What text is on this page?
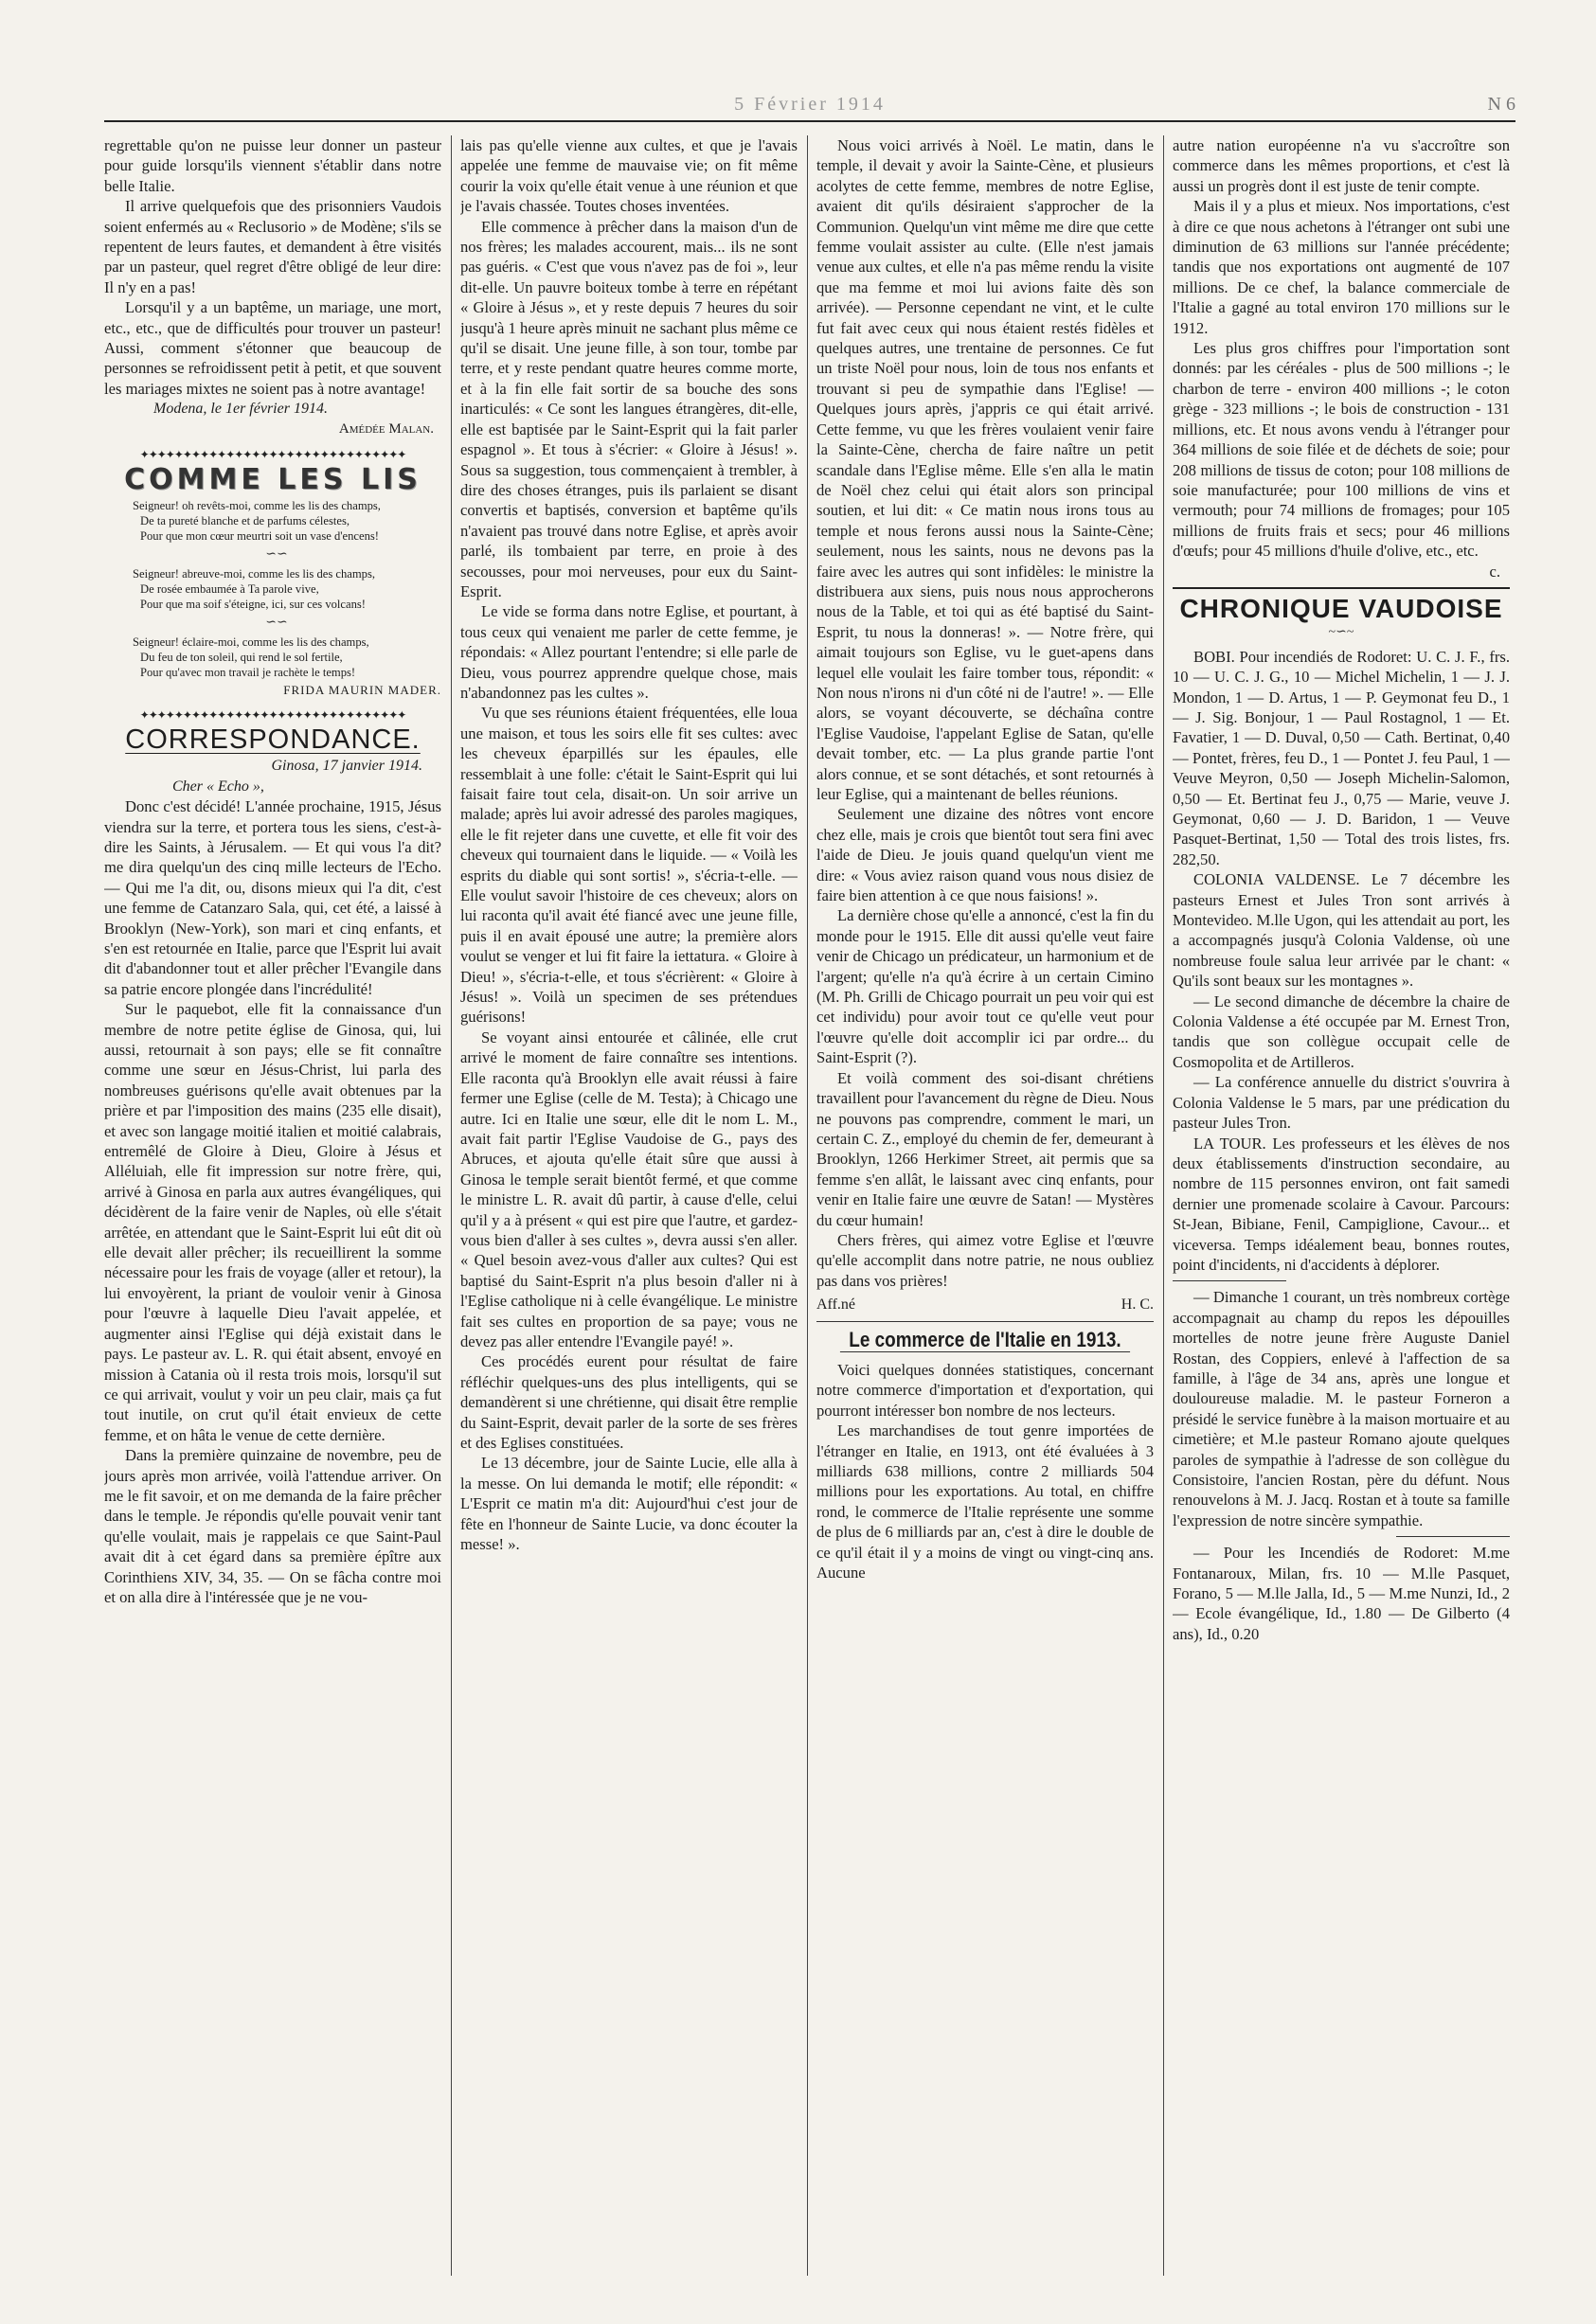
5 Février 1914	N 6

regrettable qu'on ne puisse leur donner un pasteur pour guide lorsqu'ils viennent s'établir dans notre belle Italie.

Il arrive quelquefois que des prisonniers Vaudois soient enfermés au « Reclusorio » de Modène; s'ils se repentent de leurs fautes, et demandent à être visités par un pasteur, quel regret d'être obligé de leur dire: Il n'y en a pas!

Lorsqu'il y a un baptême, un mariage, une mort, etc., etc., que de difficultés pour trouver un pasteur! Aussi, comment s'étonner que beaucoup de personnes se refroidissent petit à petit, et que souvent les mariages mixtes ne soient pas à notre avantage!

Modena, le 1er février 1914.

Amédée Malan.

✦✦✦✦✦✦✦✦✦✦✦✦✦✦✦✦✦✦✦✦✦✦✦✦✦✦✦✦✦✦✦
COMME LES LIS

Seigneur! oh revêts-moi, comme les lis des champs,

De ta pureté blanche et de parfums célestes,

Pour que mon cœur meurtri soit un vase d'encens!

∽∽

Seigneur! abreuve-moi, comme les lis des champs,

De rosée embaumée à Ta parole vive,

Pour que ma soif s'éteigne, ici, sur ces volcans!

∽∽

Seigneur! éclaire-moi, comme les lis des champs,

Du feu de ton soleil, qui rend le sol fertile,

Pour qu'avec mon travail je rachète le temps!

FRIDA MAURIN MADER.

✦✦✦✦✦✦✦✦✦✦✦✦✦✦✦✦✦✦✦✦✦✦✦✦✦✦✦✦✦✦✦
CORRESPONDANCE.

Ginosa, 17 janvier 1914.

Cher « Echo »,

Donc c'est décidé! L'année prochaine, 1915, Jésus viendra sur la terre, et portera tous les siens, c'est-à-dire les Saints, à Jérusalem. — Et qui vous l'a dit? me dira quelqu'un des cinq mille lecteurs de l'Echo. — Qui me l'a dit, ou, disons mieux qui l'a dit, c'est une femme de Catanzaro Sala, qui, cet été, a laissé à Brooklyn (New-York), son mari et cinq enfants, et s'en est retournée en Italie, parce que l'Esprit lui avait dit d'abandonner tout et aller prêcher l'Evangile dans sa patrie encore plongée dans l'incrédulité!

Sur le paquebot, elle fit la connaissance d'un membre de notre petite église de Ginosa, qui, lui aussi, retournait à son pays; elle se fit connaître comme une sœur en Jésus-Christ, lui parla des nombreuses guérisons qu'elle avait obtenues par la prière et par l'imposition des mains (235 elle disait), et avec son langage moitié italien et moitié calabrais, entremêlé de Gloire à Dieu, Gloire à Jésus et Alléluiah, elle fit impression sur notre frère, qui, arrivé à Ginosa en parla aux autres évangéliques, qui décidèrent de la faire venir de Naples, où elle s'était arrêtée, en attendant que le Saint-Esprit lui eût dit où elle devait aller prêcher; ils recueillirent la somme nécessaire pour les frais de voyage (aller et retour), la lui envoyèrent, la priant de vouloir venir à Ginosa pour l'œuvre à laquelle Dieu l'avait appelée, et augmenter ainsi l'Eglise qui déjà existait dans le pays. Le pasteur av. L. R. qui était absent, envoyé en mission à Catania où il resta trois mois, lorsqu'il sut ce qui arrivait, voulut y voir un peu clair, mais ça fut tout inutile, on crut qu'il était envieux de cette femme, et on hâta le venue de cette dernière.

Dans la première quinzaine de novembre, peu de jours après mon arrivée, voilà l'attendue arriver. On me le fit savoir, et on me demanda de la faire prêcher dans le temple. Je répondis qu'elle pouvait venir tant qu'elle voulait, mais je rappelais ce que Saint-Paul avait dit à cet égard dans sa première épître aux Corinthiens XIV, 34, 35. — On se fâcha contre moi et on alla dire à l'intéressée que je ne vou-

lais pas qu'elle vienne aux cultes, et que je l'avais appelée une femme de mauvaise vie; on fit même courir la voix qu'elle était venue à une réunion et que je l'avais chassée. Toutes choses inventées.

Elle commence à prêcher dans la maison d'un de nos frères; les malades accourent, mais... ils ne sont pas guéris. « C'est que vous n'avez pas de foi », leur dit-elle. Un pauvre boiteux tombe à terre en répétant « Gloire à Jésus », et y reste depuis 7 heures du soir jusqu'à 1 heure après minuit ne sachant plus même ce qu'il se disait. Une jeune fille, à son tour, tombe par terre, et y reste pendant quatre heures comme morte, et à la fin elle fait sortir de sa bouche des sons inarticulés: « Ce sont les langues étrangères, dit-elle, elle est baptisée par le Saint-Esprit qui la fait parler espagnol ». Et tous à s'écrier: « Gloire à Jésus! ». Sous sa suggestion, tous commençaient à trembler, à dire des choses étranges, puis ils parlaient se disant convertis et baptisés, conversion et baptême qu'ils n'avaient pas trouvé dans notre Eglise, et après avoir parlé, ils tombaient par terre, en proie à des secousses, pour moi nerveuses, pour eux du Saint-Esprit.

Le vide se forma dans notre Eglise, et pourtant, à tous ceux qui venaient me parler de cette femme, je répondais: « Allez pourtant l'entendre; si elle parle de Dieu, vous pourrez apprendre quelque chose, mais n'abandonnez pas les cultes ».

Vu que ses réunions étaient fréquentées, elle loua une maison, et tous les soirs elle fit ses cultes: avec les cheveux éparpillés sur les épaules, elle ressemblait à une folle: c'était le Saint-Esprit qui lui faisait faire tout cela, disait-on. Un soir arrive un malade; après lui avoir adressé des paroles magiques, elle le fit rejeter dans une cuvette, et elle fit voir des cheveux qui tournaient dans le liquide. — « Voilà les esprits du diable qui sont sortis! », s'écria-t-elle. — Elle voulut savoir l'histoire de ces cheveux; alors on lui raconta qu'il avait été fiancé avec une jeune fille, puis il en avait épousé une autre; la première alors voulut se venger et lui fit faire la iettatura. « Gloire à Dieu! », s'écria-t-elle, et tous s'écrièrent: « Gloire à Jésus! ». Voilà un specimen de ses prétendues guérisons!

Se voyant ainsi entourée et câlinée, elle crut arrivé le moment de faire connaître ses intentions. Elle raconta qu'à Brooklyn elle avait réussi à faire fermer une Eglise (celle de M. Testa); à Chicago une autre. Ici en Italie une sœur, elle dit le nom L. M., avait fait partir l'Eglise Vaudoise de G., pays des Abruces, et ajouta qu'elle était sûre que aussi à Ginosa le temple serait bientôt fermé, et que comme le ministre L. R. avait dû partir, à cause d'elle, celui qu'il y a à présent « qui est pire que l'autre, et gardez-vous bien d'aller à ses cultes », devra aussi s'en aller. « Quel besoin avez-vous d'aller aux cultes? Qui est baptisé du Saint-Esprit n'a plus besoin d'aller ni à l'Eglise catholique ni à celle évangélique. Le ministre fait ses cultes en proportion de sa paye; vous ne devez pas aller entendre l'Evangile payé! ».

Ces procédés eurent pour résultat de faire réfléchir quelques-uns des plus intelligents, qui se demandèrent si une chrétienne, qui disait être remplie du Saint-Esprit, devait parler de la sorte de ses frères et des Eglises constituées.

Le 13 décembre, jour de Sainte Lucie, elle alla à la messe. On lui demanda le motif; elle répondit: « L'Esprit ce matin m'a dit: Aujourd'hui c'est jour de fête en l'honneur de Sainte Lucie, va donc écouter la messe! ».

Nous voici arrivés à Noël. Le matin, dans le temple, il devait y avoir la Sainte-Cène, et plusieurs acolytes de cette femme, membres de notre Eglise, avaient dit qu'ils désiraient s'approcher de la Communion. Quelqu'un vint même me dire que cette femme voulait assister au culte. (Elle n'est jamais venue aux cultes, et elle n'a pas même rendu la visite que ma femme et moi lui avions faite dès son arrivée). — Personne cependant ne vint, et le culte fut fait avec ceux qui nous étaient restés fidèles et quelques autres, une trentaine de personnes. Ce fut un triste Noël pour nous, loin de tous nos enfants et trouvant si peu de sympathie dans l'Eglise! — Quelques jours après, j'appris ce qui était arrivé. Cette femme, vu que les frères voulaient venir faire la Sainte-Cène, chercha de faire naître un petit scandale dans l'Eglise même. Elle s'en alla le matin de Noël chez celui qui était alors son principal soutien, et lui dit: « Ce matin nous irons tous au temple et nous ferons aussi nous la Sainte-Cène; seulement, nous les saints, nous ne devons pas la faire avec les autres qui sont infidèles: le ministre la distribuera aux siens, puis nous nous approcherons nous de la Table, et toi qui as été baptisé du Saint-Esprit, tu nous la donneras! ». — Notre frère, qui aimait toujours son Eglise, vu le guet-apens dans lequel elle voulait les faire tomber tous, répondit: « Non nous n'irons ni d'un côté ni de l'autre! ». — Elle alors, se voyant découverte, se déchaîna contre l'Eglise Vaudoise, l'appelant Eglise de Satan, qu'elle devait tomber, etc. — La plus grande partie l'ont alors connue, et se sont détachés, et sont retournés à leur Eglise, qui a maintenant de belles réunions.

Seulement une dizaine des nôtres vont encore chez elle, mais je crois que bientôt tout sera fini avec l'aide de Dieu. Je jouis quand quelqu'un vient me dire: « Vous aviez raison quand vous nous disiez de faire bien attention à ce que nous faisions! ».

La dernière chose qu'elle a annoncé, c'est la fin du monde pour le 1915. Elle dit aussi qu'elle veut faire venir de Chicago un prédicateur, un harmonium et de l'argent; qu'elle n'a qu'à écrire à un certain Cimino (M. Ph. Grilli de Chicago pourrait un peu voir qui est cet individu) pour avoir tout ce qu'elle veut pour l'œuvre qu'elle doit accomplir ici par ordre... du Saint-Esprit (?).

Et voilà comment des soi-disant chrétiens travaillent pour l'avancement du règne de Dieu. Nous ne pouvons pas comprendre, comment le mari, un certain C. Z., employé du chemin de fer, demeurant à Brooklyn, 1266 Herkimer Street, ait permis que sa femme s'en allât, le laissant avec cinq enfants, pour venir en Italie faire une œuvre de Satan! — Mystères du cœur humain!

Chers frères, qui aimez votre Eglise et l'œuvre qu'elle accomplit dans notre patrie, ne nous oubliez pas dans vos prières!

Aff.né	H. C.
Le commerce de l'Italie en 1913.

Voici quelques données statistiques, concernant notre commerce d'importation et d'exportation, qui pourront intéresser bon nombre de nos lecteurs.

Les marchandises de tout genre importées de l'étranger en Italie, en 1913, ont été évaluées à 3 milliards 638 millions, contre 2 milliards 504 millions pour les exportations. Au total, en chiffre rond, le commerce de l'Italie représente une somme de plus de 6 milliards par an, c'est à dire le double de ce qu'il était il y a moins de vingt ou vingt-cinq ans. Aucune

autre nation européenne n'a vu s'accroître son commerce dans les mêmes proportions, et c'est là aussi un progrès dont il est juste de tenir compte.

Mais il y a plus et mieux. Nos importations, c'est à dire ce que nous achetons à l'étranger ont subi une diminution de 63 millions sur l'année précédente; tandis que nos exportations ont augmenté de 107 millions. De ce chef, la balance commerciale de l'Italie a gagné au total environ 170 millions sur le 1912.

Les plus gros chiffres pour l'importation sont donnés: par les céréales - plus de 500 millions -; le charbon de terre - environ 400 millions -; le coton grège - 323 millions -; le bois de construction - 131 millions, etc. Et nous avons vendu à l'étranger pour 364 millions de soie filée et de déchets de soie; pour 208 millions de tissus de coton; pour 108 millions de soie manufacturée; pour 100 millions de vins et vermouth; pour 74 millions de fromages; pour 105 millions de fruits frais et secs; pour 46 millions d'œufs; pour 45 millions d'huile d'olive, etc., etc.

c.

CHRONIQUE VAUDOISE
~∽~

BOBI. Pour incendiés de Rodoret: U. C. J. F., frs. 10 — U. C. J. G., 10 — Michel Michelin, 1 — J. J. Mondon, 1 — D. Artus, 1 — P. Geymonat feu D., 1 — J. Sig. Bonjour, 1 — Paul Rostagnol, 1 — Et. Favatier, 1 — D. Duval, 0,50 — Cath. Bertinat, 0,40 — Pontet, frères, feu D., 1 — Pontet J. feu Paul, 1 — Veuve Meyron, 0,50 — Joseph Michelin-Salomon, 0,50 — Et. Bertinat feu J., 0,75 — Marie, veuve J. Geymonat, 0,60 — J. D. Baridon, 1 — Veuve Pasquet-Bertinat, 1,50 — Total des trois listes, frs. 282,50.

COLONIA VALDENSE. Le 7 décembre les pasteurs Ernest et Jules Tron sont arrivés à Montevideo. M.lle Ugon, qui les attendait au port, les a accompagnés jusqu'à Colonia Valdense, où une nombreuse foule salua leur arrivée par le chant: « Qu'ils sont beaux sur les montagnes ».

— Le second dimanche de décembre la chaire de Colonia Valdense a été occupée par M. Ernest Tron, tandis que son collègue occupait celle de Cosmopolita et de Artilleros.

— La conférence annuelle du district s'ouvrira à Colonia Valdense le 5 mars, par une prédication du pasteur Jules Tron.

LA TOUR. Les professeurs et les élèves de nos deux établissements d'instruction secondaire, au nombre de 115 personnes environ, ont fait samedi dernier une promenade scolaire à Cavour. Parcours: St-Jean, Bibiane, Fenil, Campiglione, Cavour... et viceversa. Temps idéalement beau, bonnes routes, point d'incidents, ni d'accidents à déplorer.

— Dimanche 1 courant, un très nombreux cortège accompagnait au champ du repos les dépouilles mortelles de notre jeune frère Auguste Daniel Rostan, des Coppiers, enlevé à l'affection de sa famille, à l'âge de 34 ans, après une longue et douloureuse maladie. M. le pasteur Forneron a présidé le service funèbre à la maison mortuaire et au cimetière; et M.le pasteur Romano ajoute quelques paroles de sympathie à l'adresse de son collègue du Consistoire, l'ancien Rostan, père du défunt. Nous renouvelons à M. J. Jacq. Rostan et à toute sa famille l'expression de notre sincère sympathie.

— Pour les Incendiés de Rodoret: M.me Fontanaroux, Milan, frs. 10 — M.lle Pasquet, Forano, 5 — M.lle Jalla, Id., 5 — M.me Nunzi, Id., 2 — Ecole évangélique, Id., 1.80 — De Gilberto (4 ans), Id., 0.20
